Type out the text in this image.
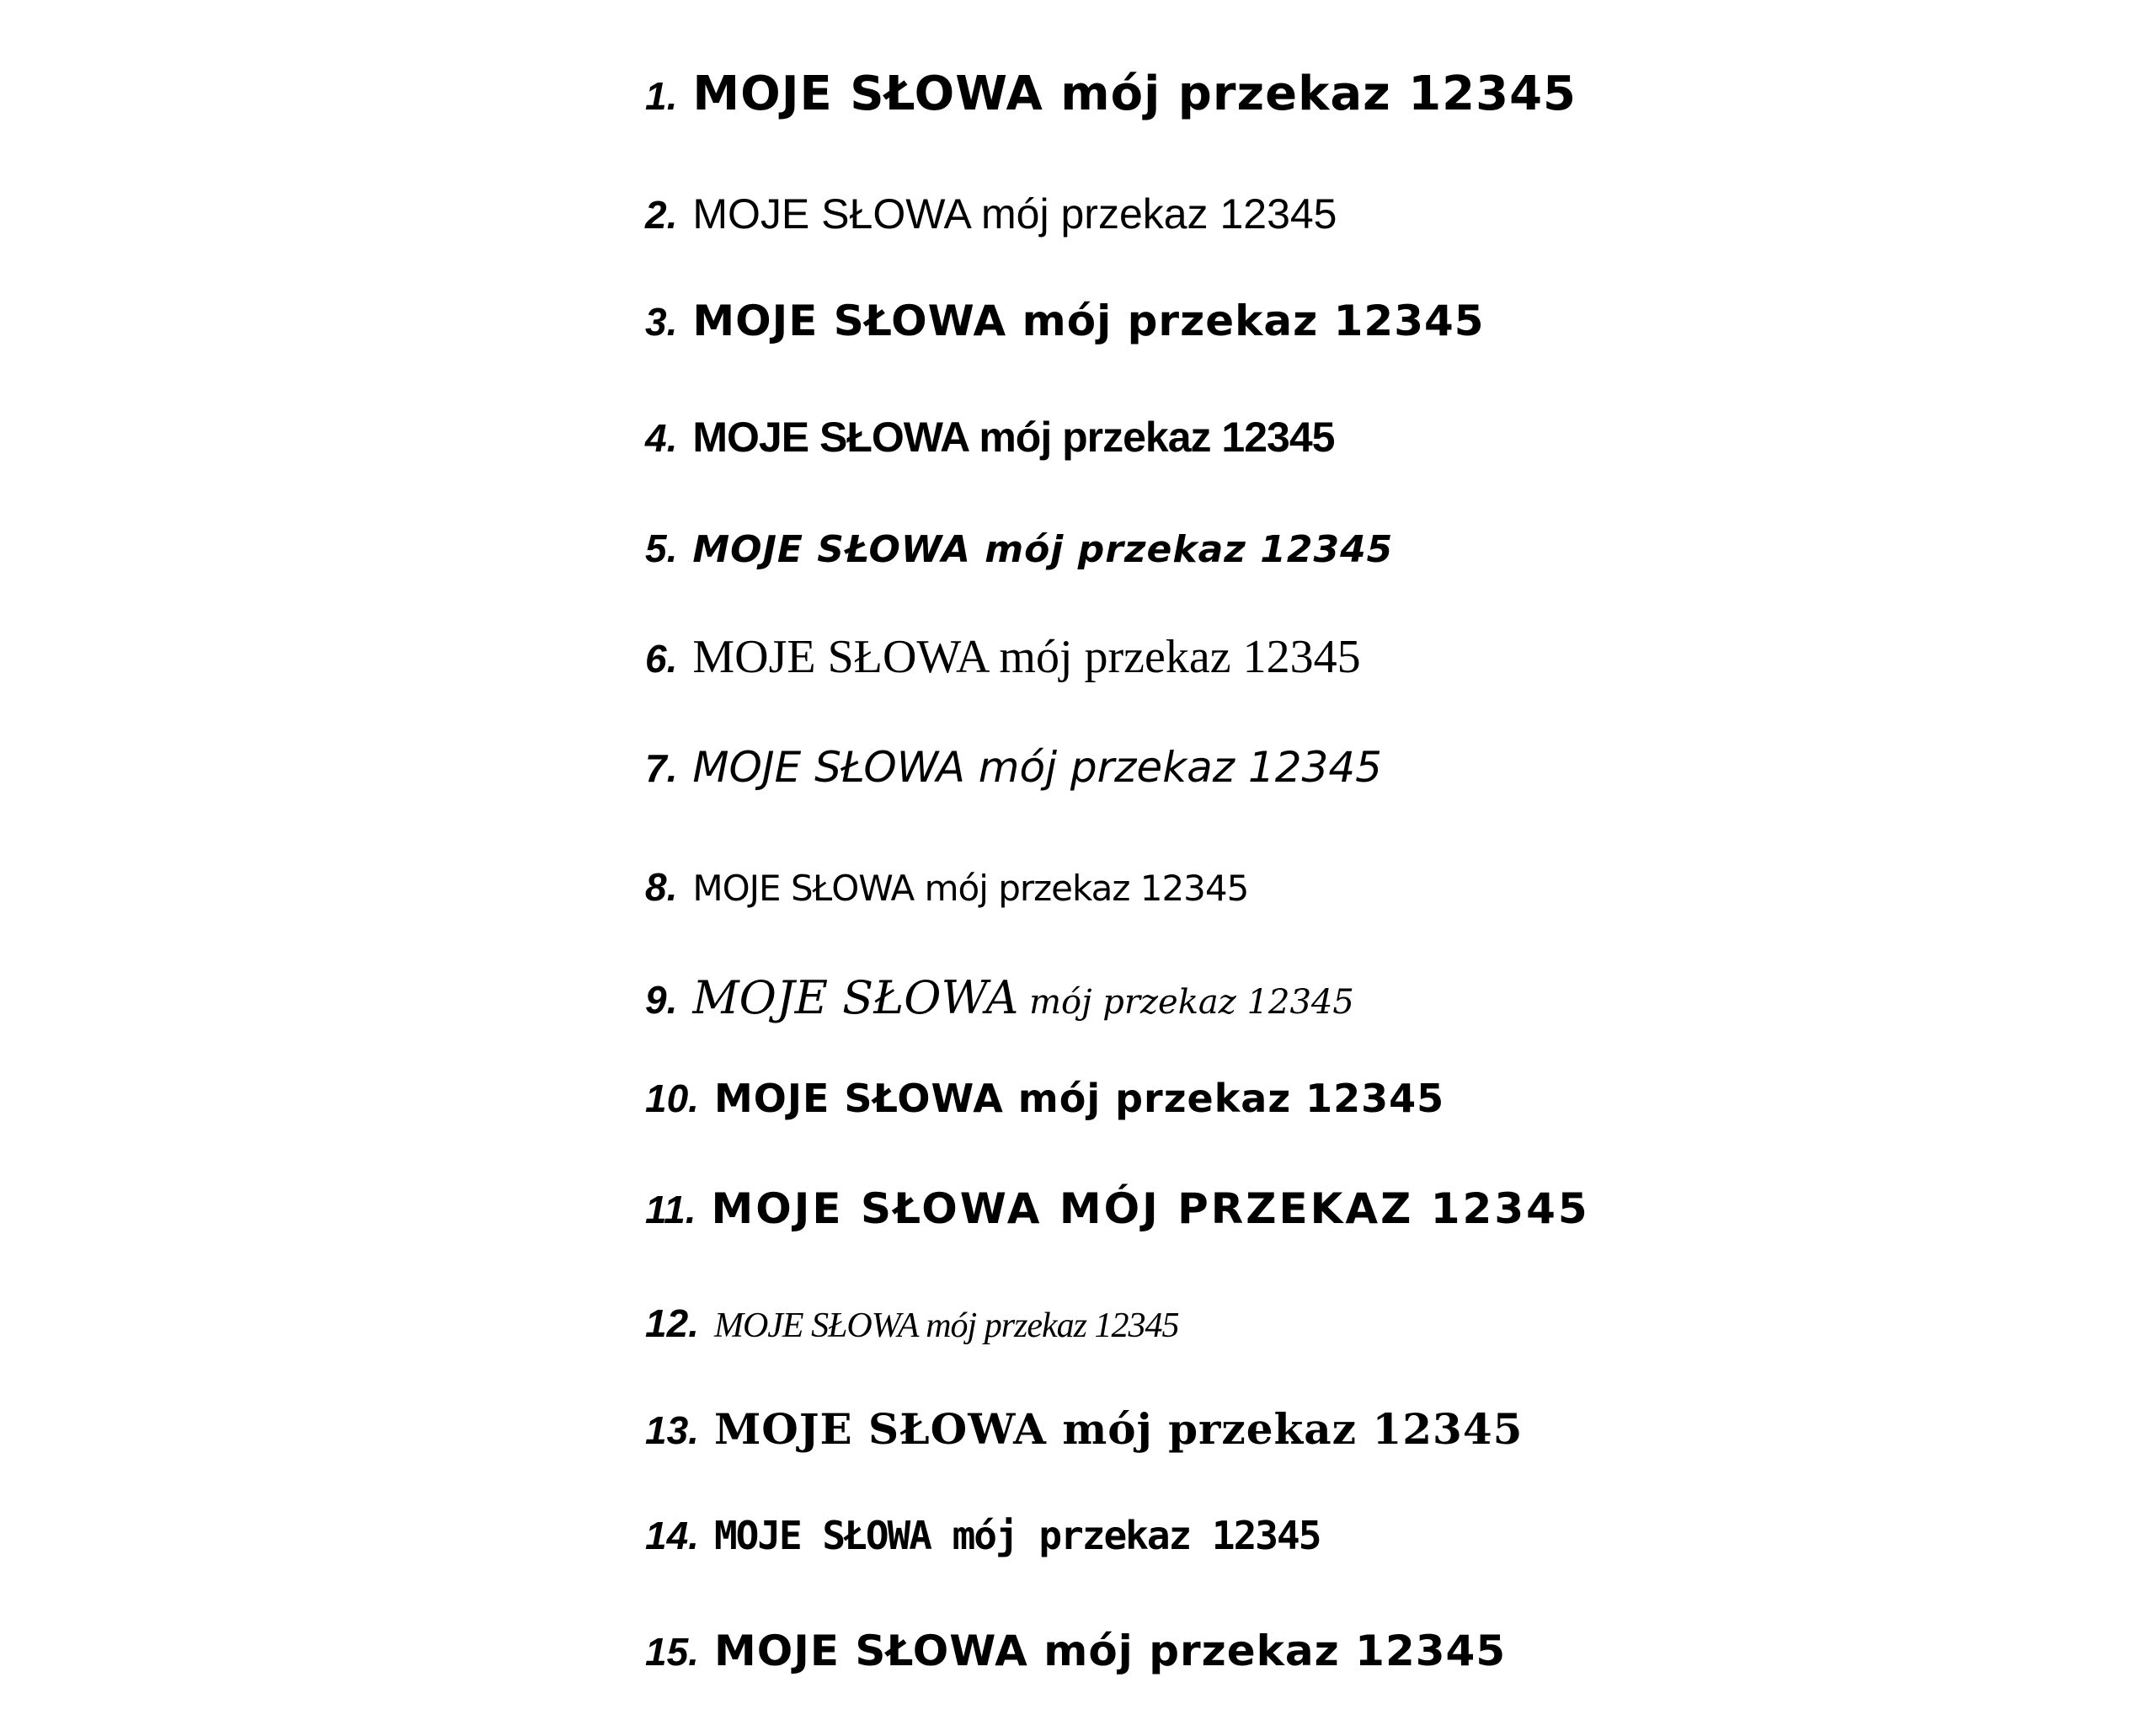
1. MOJE SŁOWA mój przekaz 12345
2. MOJE SŁOWA mój przekaz 12345
3. MOJE SŁOWA mój przekaz 12345
4. MOJE SŁOWA mój przekaz 12345
5. MOJE SŁOWA mój przekaz 12345
6. MOJE SŁOWA mój przekaz 12345
7. MOJE SŁOWA mój przekaz 12345
8. MOJE SŁOWA mój przekaz 12345
9. MOJE SŁOWA mój przekaz 12345
10. MOJE SŁOWA mój przekaz 12345
11. MOJE SŁOWA MÓJ PRZEKAZ 12345
12. MOJE SŁOWA mój przekaz 12345
13. MOJE SŁOWA mój przekaz 12345
14. MOJE SŁOWA mój przekaz 12345
15. MOJE SŁOWA mój przekaz 12345
